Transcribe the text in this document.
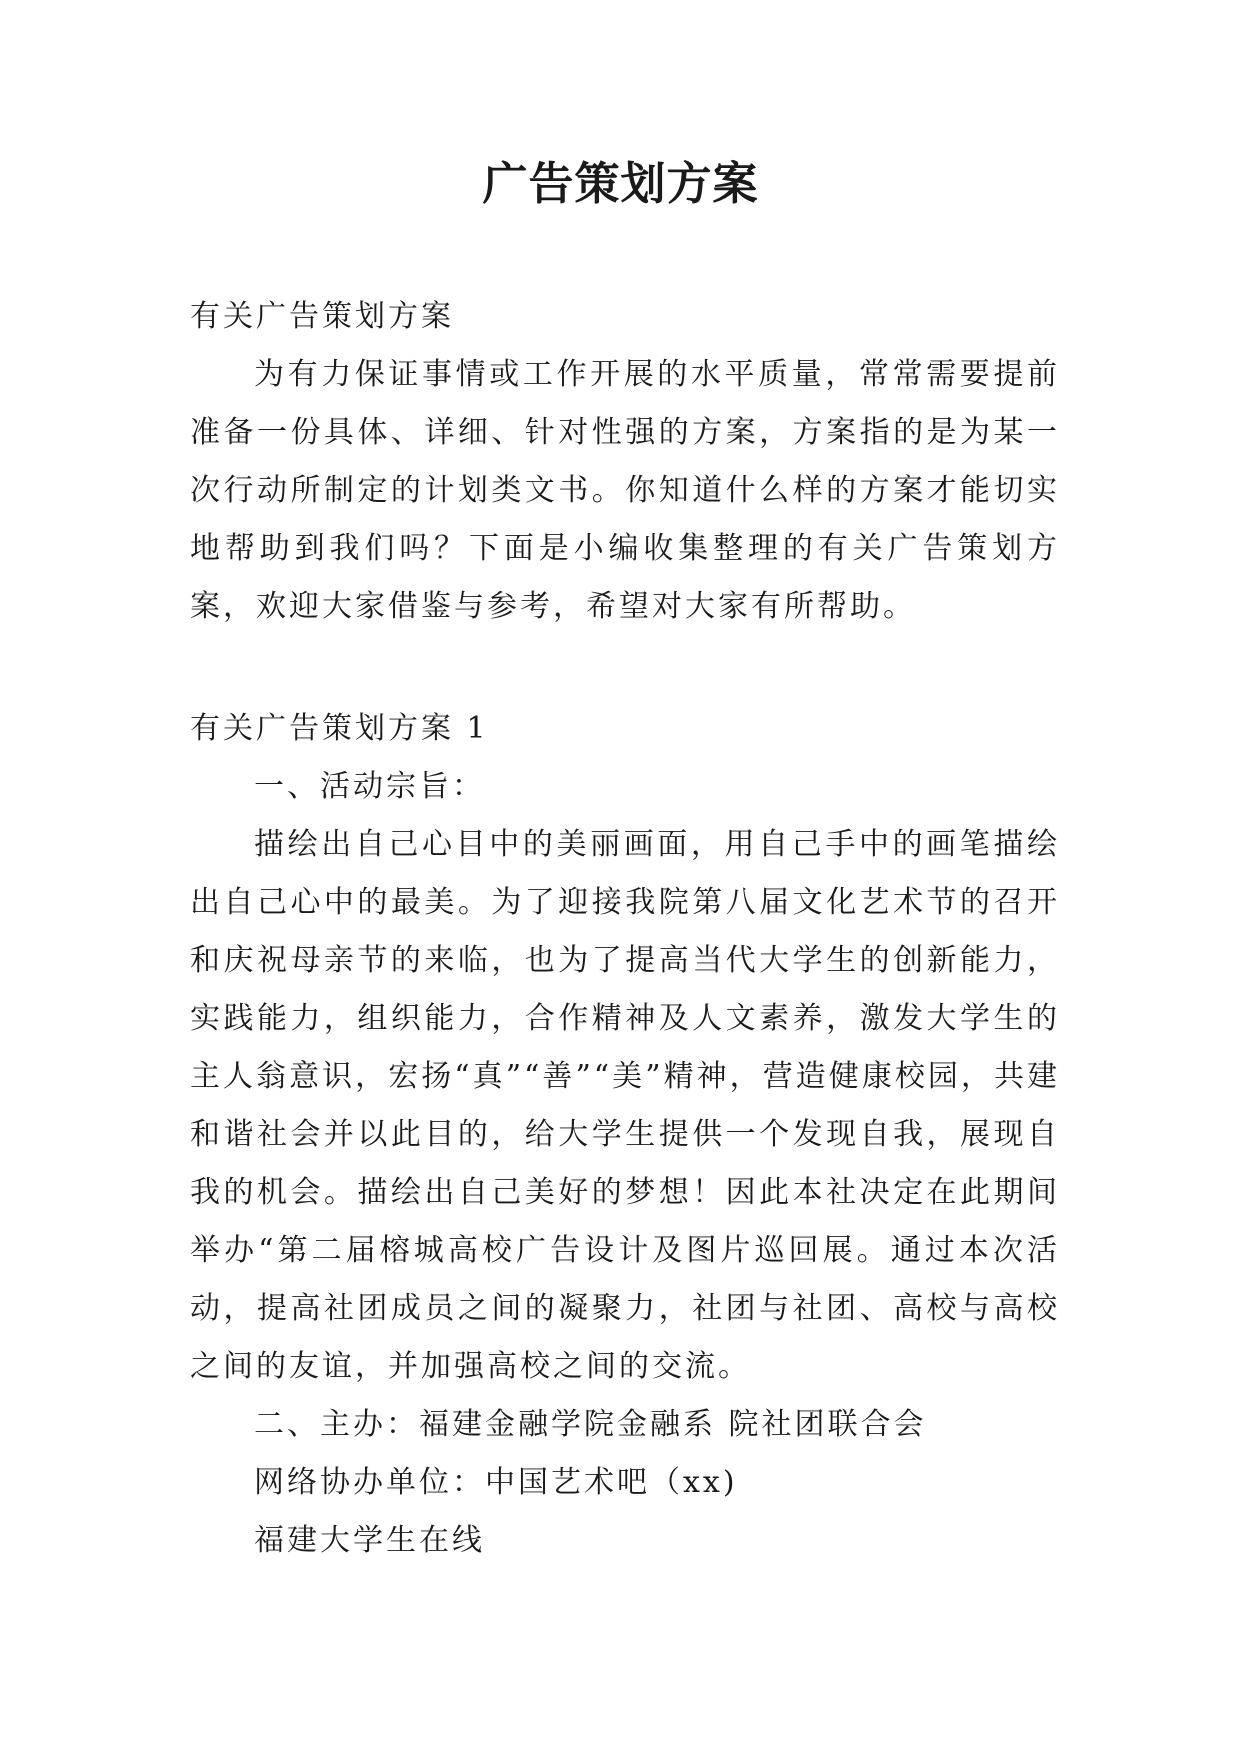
广告策划方案

有关广告策划方案

为有力保证事情或工作开展的水平质量，常常需要提前准备一份具体、详细、针对性强的方案，方案指的是为某一次行动所制定的计划类文书。你知道什么样的方案才能切实地帮助到我们吗？下面是小编收集整理的有关广告策划方案，欢迎大家借鉴与参考，希望对大家有所帮助。

有关广告策划方案 1

一、活动宗旨：

描绘出自己心目中的美丽画面，用自己手中的画笔描绘出自己心中的最美。为了迎接我院第八届文化艺术节的召开和庆祝母亲节的来临，也为了提高当代大学生的创新能力，实践能力，组织能力，合作精神及人文素养，激发大学生的主人翁意识，宏扬“真”“善”“美”精神，营造健康校园，共建和谐社会并以此目的，给大学生提供一个发现自我，展现自我的机会。描绘出自己美好的梦想！因此本社决定在此期间举办“第二届榕城高校广告设计及图片巡回展。通过本次活动，提高社团成员之间的凝聚力，社团与社团、高校与高校之间的友谊，并加强高校之间的交流。

二、主办：福建金融学院金融系 院社团联合会

网络协办单位：中国艺术吧（xx)

福建大学生在线
